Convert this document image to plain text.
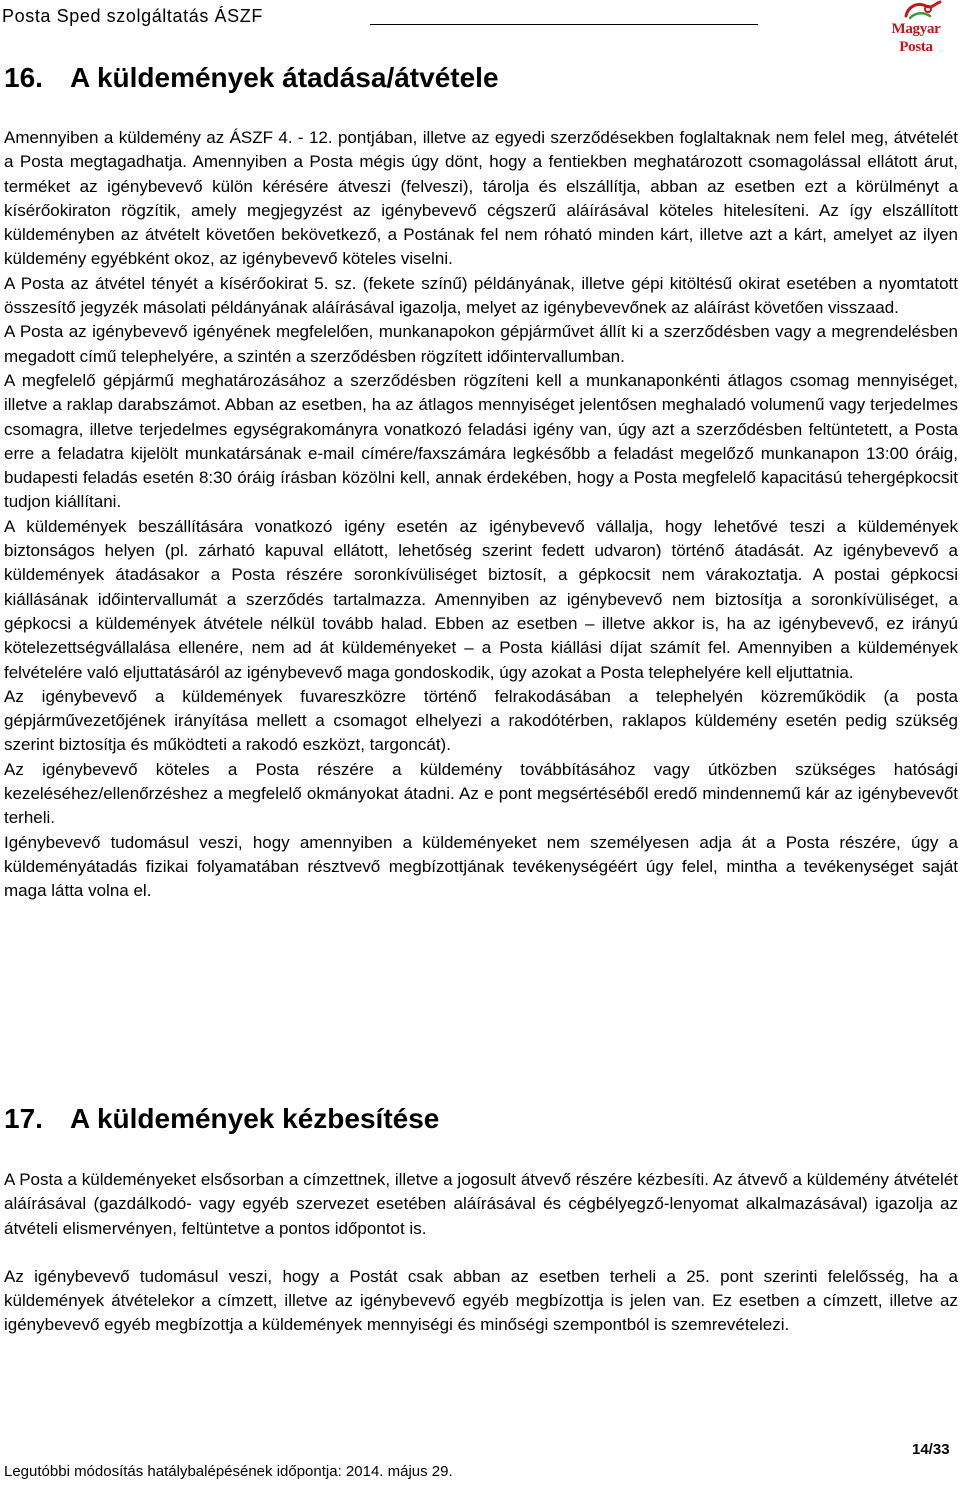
Posta Sped szolgáltatás ÁSZF
Magyar Posta
16. A küldemények átadása/átvétele

Amennyiben a küldemény az ÁSZF 4. - 12. pontjában, illetve az egyedi szerződésekben foglaltaknak nem felel meg, átvételét a Posta megtagadhatja. Amennyiben a Posta mégis úgy dönt, hogy a fentiekben meghatározott csomagolással ellátott árut, terméket az igénybevevő külön kérésére átveszi (felveszi), tárolja és elszállítja, abban az esetben ezt a körülményt a kísérőokiraton rögzítik, amely megjegyzést az igénybevevő cégszerű aláírásával köteles hitelesíteni. Az így elszállított küldeményben az átvételt követően bekövetkező, a Postának fel nem róható minden kárt, illetve azt a kárt, amelyet az ilyen küldemény egyébként okoz, az igénybevevő köteles viselni.

A Posta az átvétel tényét a kísérőokirat 5. sz. (fekete színű) példányának, illetve gépi kitöltésű okirat esetében a nyomtatott összesítő jegyzék másolati példányának aláírásával igazolja, melyet az igénybevevőnek az aláírást követően visszaad.

A Posta az igénybevevő igényének megfelelően, munkanapokon gépjárművet állít ki a szerződésben vagy a megrendelésben megadott című telephelyére, a szintén a szerződésben rögzített időintervallumban.

A megfelelő gépjármű meghatározásához a szerződésben rögzíteni kell a munkanaponkénti átlagos csomag mennyiséget, illetve a raklap darabszámot. Abban az esetben, ha az átlagos mennyiséget jelentősen meghaladó volumenű vagy terjedelmes csomagra, illetve terjedelmes egységrakományra vonatkozó feladási igény van, úgy azt a szerződésben feltüntetett, a Posta erre a feladatra kijelölt munkatársának e-mail címére/faxszámára legkésőbb a feladást megelőző munkanapon 13:00 óráig, budapesti feladás esetén 8:30 óráig írásban közölni kell, annak érdekében, hogy a Posta megfelelő kapacitású tehergépkocsit tudjon kiállítani.

A küldemények beszállítására vonatkozó igény esetén az igénybevevő vállalja, hogy lehetővé teszi a küldemények biztonságos helyen (pl. zárható kapuval ellátott, lehetőség szerint fedett udvaron) történő átadását. Az igénybevevő a küldemények átadásakor a Posta részére soronkívüliséget biztosít, a gépkocsit nem várakoztatja. A postai gépkocsi kiállásának időintervallumát a szerződés tartalmazza. Amennyiben az igénybevevő nem biztosítja a soronkívüliséget, a gépkocsi a küldemények átvétele nélkül tovább halad. Ebben az esetben – illetve akkor is, ha az igénybevevő, ez irányú kötelezettségvállalása ellenére, nem ad át küldeményeket – a Posta kiállási díjat számít fel. Amennyiben a küldemények felvételére való eljuttatásáról az igénybevevő maga gondoskodik, úgy azokat a Posta telephelyére kell eljuttatnia.

Az igénybevevő a küldemények fuvareszközre történő felrakodásában a telephelyén közreműködik (a posta gépjárművezetőjének irányítása mellett a csomagot elhelyezi a rakodótérben, raklapos küldemény esetén pedig szükség szerint biztosítja és működteti a rakodó eszközt, targoncát).

Az igénybevevő köteles a Posta részére a küldemény továbbításához vagy útközben szükséges hatósági kezeléséhez/ellenőrzéshez a megfelelő okmányokat átadni. Az e pont megsértéséből eredő mindennemű kár az igénybevevőt terheli.

Igénybevevő tudomásul veszi, hogy amennyiben a küldeményeket nem személyesen adja át a Posta részére, úgy a küldeményátadás fizikai folyamatában résztvevő megbízottjának tevékenységéért úgy felel, mintha a tevékenységet saját maga látta volna el.

17. A küldemények kézbesítése

A Posta a küldeményeket elsősorban a címzettnek, illetve a jogosult átvevő részére kézbesíti. Az átvevő a küldemény átvételét aláírásával (gazdálkodó- vagy egyéb szervezet esetében aláírásával és cégbélyegző-lenyomat alkalmazásával) igazolja az átvételi elismervényen, feltüntetve a pontos időpontot is.

Az igénybevevő tudomásul veszi, hogy a Postát csak abban az esetben terheli a 25. pont szerinti felelősség, ha a küldemények átvételekor a címzett, illetve az igénybevevő egyéb megbízottja is jelen van. Ez esetben a címzett, illetve az igénybevevő egyéb megbízottja a küldemények mennyiségi és minőségi szempontból is szemrevételezi.

14/33
Legutóbbi módosítás hatálybalépésének időpontja: 2014. május 29.
